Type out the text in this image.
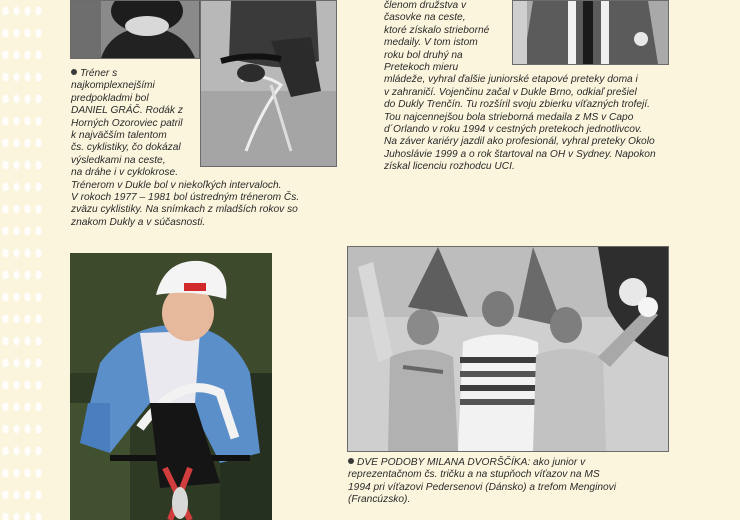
Tréner s

najkomplexnejšími

predpokladmi bol

DANIEL GRÁČ. Rodák z

Horných Ozoroviec patril

k najväčším talentom

čs. cyklistiky, čo dokázal

výsledkami na ceste,

na dráhe i v cyklokrose.

Trénerom v Dukle bol v niekoľkých intervaloch.

V rokoch 1977 – 1981 bol ústredným trénerom Čs.

zväzu cyklistiky. Na snímkach z mladších rokov so

znakom Dukly a v súčasnosti.

členom družstva v

časovke na ceste,

ktoré získalo strieborné

medaily. V tom istom

roku bol druhý na

Pretekoch mieru

mládeže, vyhral ďalšie juniorské etapové preteky doma i

v zahraničí. Vojenčinu začal v Dukle Brno, odkiaľ prešiel

do Dukly Trenčín. Tu rozšíril svoju zbierku víťazných trofejí.

Tou najcennejšou bola strieborná medaila z MS v Capo

d´Orlando v roku 1994 v cestných pretekoch jednotlivcov.

Na záver kariéry jazdil ako profesionál, vyhral preteky Okolo

Juhoslávie 1999 a o rok štartoval na OH v Sydney. Napokon

získal licenciu rozhodcu UCI.

DVE PODOBY MILANA DVORŠČÍKA: ako junior v

reprezentačnom čs. tričku a na stupňoch víťazov na MS

1994 pri víťazovi Pedersenovi (Dánsko) a trefom Menginovi

(Francúzsko).
